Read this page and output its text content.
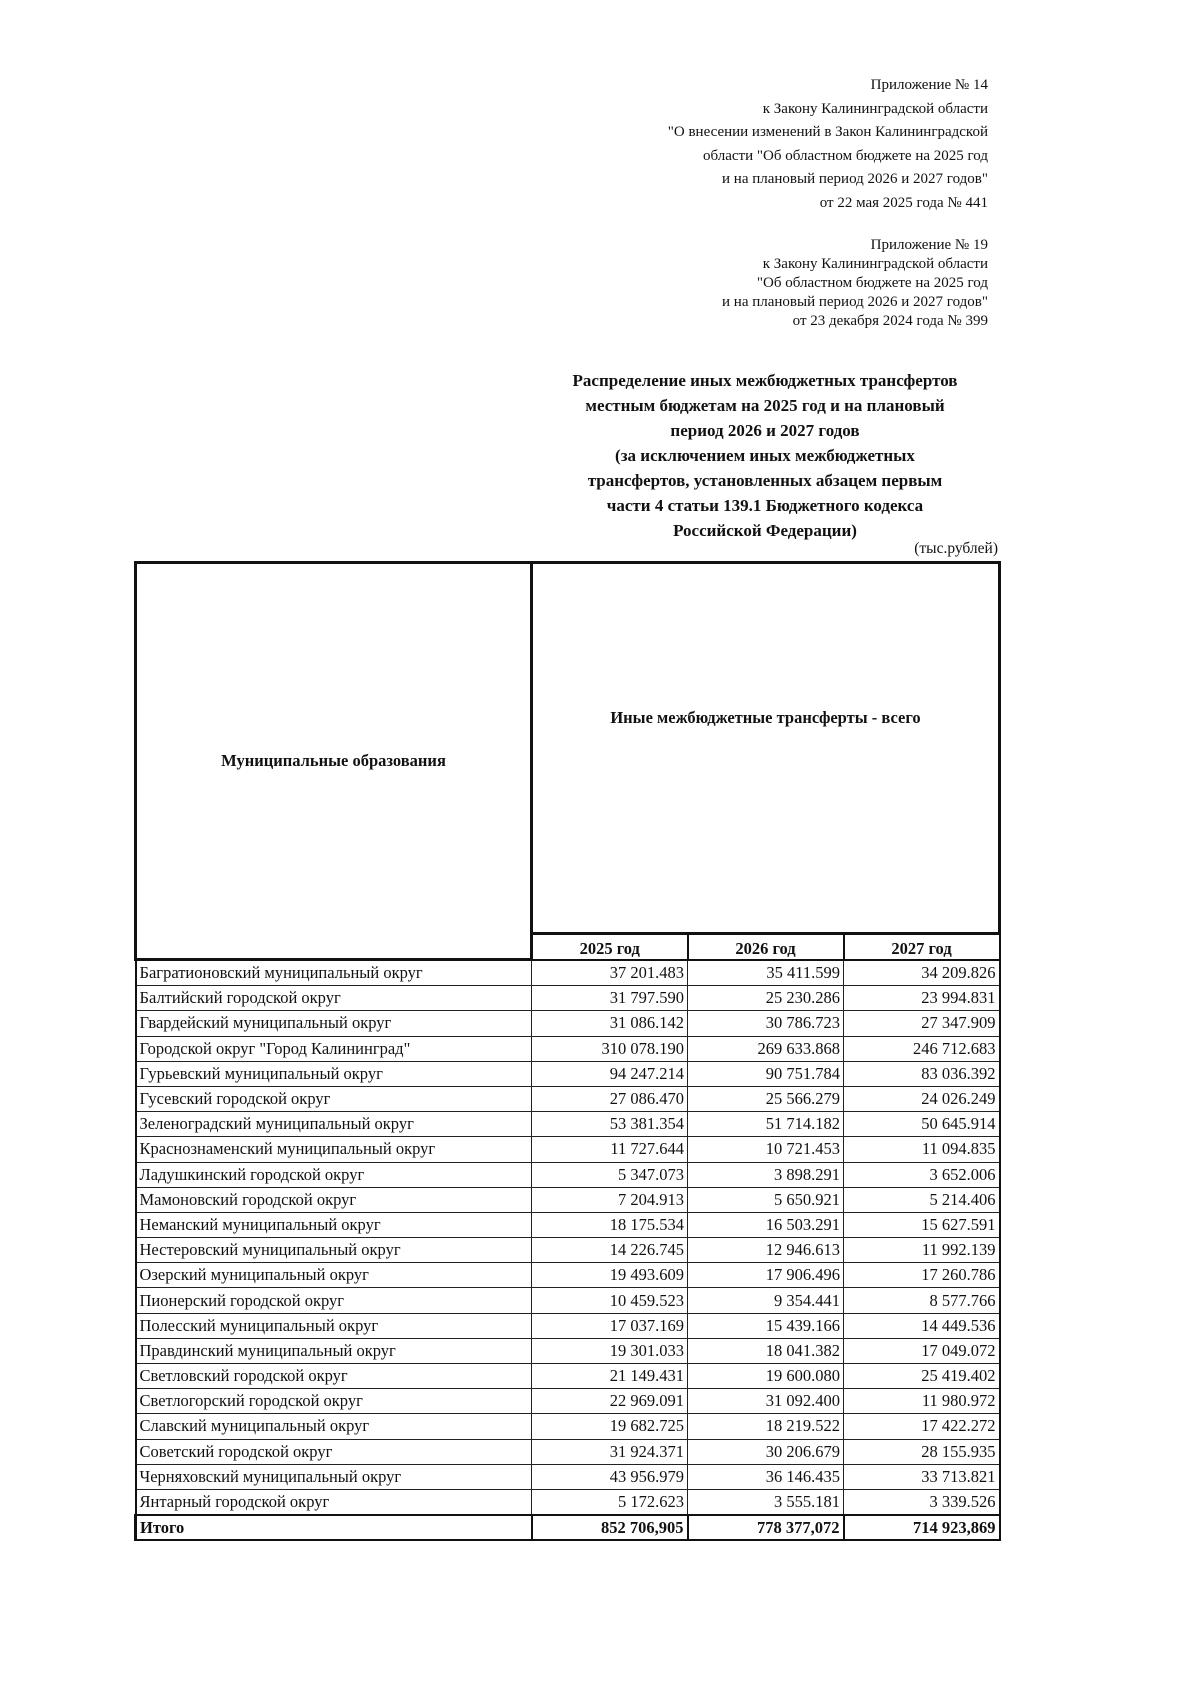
Приложение № 14
к Закону Калининградской области
"О внесении изменений в Закон Калининградской
области "Об областном бюджете на 2025 год
и на плановый период 2026 и 2027 годов"
от 22 мая 2025 года № 441
Приложение № 19
к Закону Калининградской области
"Об областном бюджете на 2025 год
и на плановый период 2026 и 2027 годов"
от 23 декабря 2024 года № 399
Распределение иных межбюджетных трансфертов
местным бюджетам на 2025 год и на плановый
период 2026 и 2027 годов
(за исключением иных межбюджетных
трансфертов, установленных абзацем первым
части 4 статьи 139.1 Бюджетного кодекса
Российской Федерации)
(тыс.рублей)
Муниципальные образования	Иные межбюджетные трансферты - всего		
	2025 год	2026 год	2027 год
Багратионовский муниципальный округ	37 201.483	35 411.599	34 209.826
Балтийский городской округ	31 797.590	25 230.286	23 994.831
Гвардейский муниципальный округ	31 086.142	30 786.723	27 347.909
Городской округ "Город Калининград"	310 078.190	269 633.868	246 712.683
Гурьевский муниципальный округ	94 247.214	90 751.784	83 036.392
Гусевский городской округ	27 086.470	25 566.279	24 026.249
Зеленоградский муниципальный округ	53 381.354	51 714.182	50 645.914
Краснознаменский муниципальный округ	11 727.644	10 721.453	11 094.835
Ладушкинский городской округ	5 347.073	3 898.291	3 652.006
Мамоновский городской округ	7 204.913	5 650.921	5 214.406
Неманский муниципальный округ	18 175.534	16 503.291	15 627.591
Нестеровский муниципальный округ	14 226.745	12 946.613	11 992.139
Озерский муниципальный округ	19 493.609	17 906.496	17 260.786
Пионерский городской округ	10 459.523	9 354.441	8 577.766
Полесский муниципальный округ	17 037.169	15 439.166	14 449.536
Правдинский муниципальный округ	19 301.033	18 041.382	17 049.072
Светловский городской округ	21 149.431	19 600.080	25 419.402
Светлогорский городской округ	22 969.091	31 092.400	11 980.972
Славский муниципальный округ	19 682.725	18 219.522	17 422.272
Советский городской округ	31 924.371	30 206.679	28 155.935
Черняховский муниципальный округ	43 956.979	36 146.435	33 713.821
Янтарный городской округ	5 172.623	3 555.181	3 339.526
Итого	852 706,905	778 377,072	714 923,869
